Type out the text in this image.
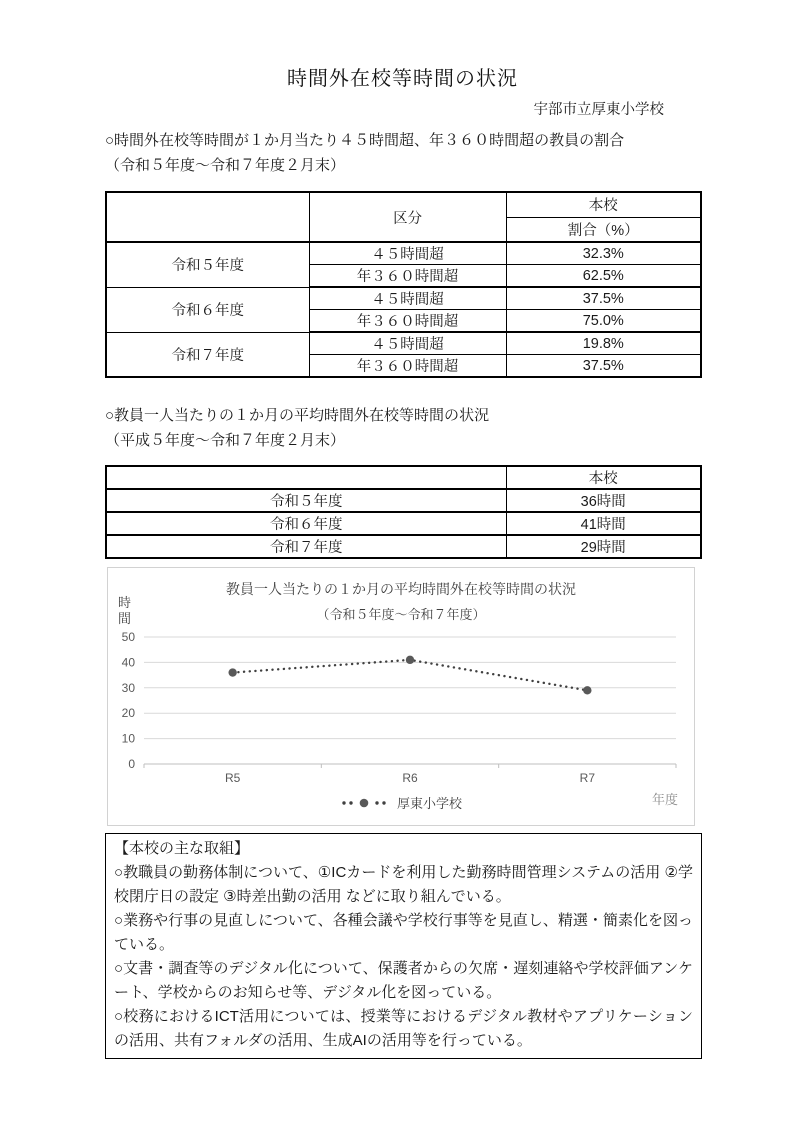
時間外在校等時間の状況
宇部市立厚東小学校
○時間外在校等時間が１か月当たり４５時間超、年３６０時間超の教員の割合
（令和５年度～令和７年度２月末）
	区分	本校
		割合（%）
令和５年度	４５時間超	32.3%
	年３６０時間超	62.5%
令和６年度	４５時間超	37.5%
	年３６０時間超	75.0%
令和７年度	４５時間超	19.8%
	年３６０時間超	37.5%
○教員一人当たりの１か月の平均時間外在校等時間の状況
（平成５年度～令和７年度２月末）
	本校
令和５年度	36時間
令和６年度	41時間
令和７年度	29時間
時間
教員一人当たりの１か月の平均時間外在校等時間の状況
（令和５年度～令和７年度）
0
10
20
30
40
50
R5	R6	R7
厚東小学校	年度

【本校の主な取組】

○教職員の勤務体制について、①ICカードを利用した勤務時間管理システムの活用 ②学校閉庁日の設定 ③時差出勤の活用 などに取り組んでいる。

○業務や行事の見直しについて、各種会議や学校行事等を見直し、精選・簡素化を図っている。

○文書・調査等のデジタル化について、保護者からの欠席・遅刻連絡や学校評価アンケート、学校からのお知らせ等、デジタル化を図っている。

○校務におけるICT活用については、授業等におけるデジタル教材やアプリケーションの活用、共有フォルダの活用、生成AIの活用等を行っている。
